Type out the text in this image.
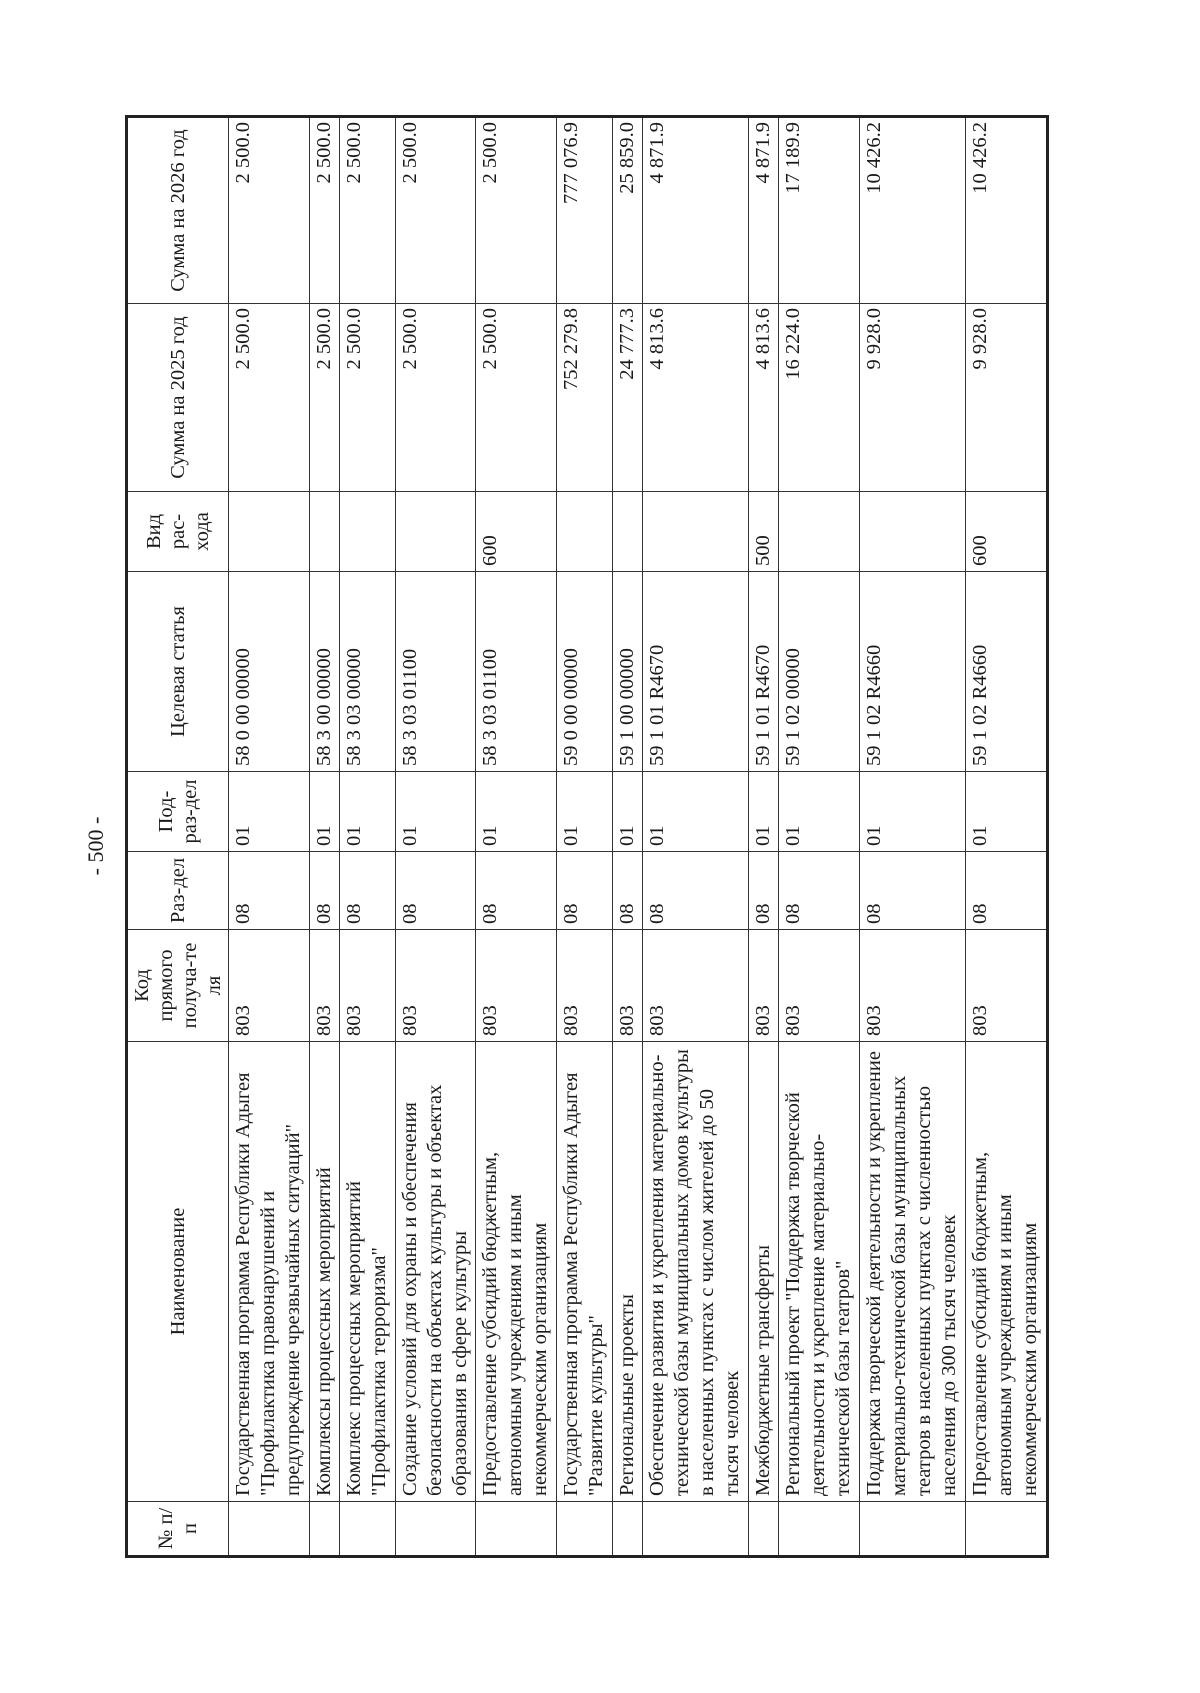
- 500 -
№ п/п	Наименование	Код прямого получа-те ля	Раз-дел	Под-раз-дел	Целевая статья	Вид рас-хода	Сумма на 2025 год	Сумма на 2026 год
	Государственная программа Республики Адыгея "Профилактика правонарушений и предупреждение чрезвычайных ситуаций"	803	08	01	58 0 00 00000		2 500.0	2 500.0
	Комплексы процессных мероприятий	803	08	01	58 3 00 00000		2 500.0	2 500.0
	Комплекс процессных мероприятий "Профилактика терроризма"	803	08	01	58 3 03 00000		2 500.0	2 500.0
	Создание условий для охраны и обеспечения безопасности на объектах культуры и объектах образования в сфере культуры	803	08	01	58 3 03 01100		2 500.0	2 500.0
	Предоставление субсидий бюджетным, автономным учреждениям и иным некоммерческим организациям	803	08	01	58 3 03 01100	600	2 500.0	2 500.0
	Государственная программа Республики Адыгея "Развитие культуры"	803	08	01	59 0 00 00000		752 279.8	777 076.9
	Региональные проекты	803	08	01	59 1 00 00000		24 777.3	25 859.0
	Обеспечение развития и укрепления материально-технической базы муниципальных домов культуры в населенных пунктах с числом жителей до 50 тысяч человек	803	08	01	59 1 01 R4670		4 813.6	4 871.9
	Межбюджетные трансферты	803	08	01	59 1 01 R4670	500	4 813.6	4 871.9
	Региональный проект "Поддержка творческой деятельности и укрепление материально-технической базы театров"	803	08	01	59 1 02 00000		16 224.0	17 189.9
	Поддержка творческой деятельности и укрепление материально-технической базы муниципальных театров в населенных пунктах с численностью населения до 300 тысяч человек	803	08	01	59 1 02 R4660		9 928.0	10 426.2
	Предоставление субсидий бюджетным, автономным учреждениям и иным некоммерческим организациям	803	08	01	59 1 02 R4660	600	9 928.0	10 426.2
